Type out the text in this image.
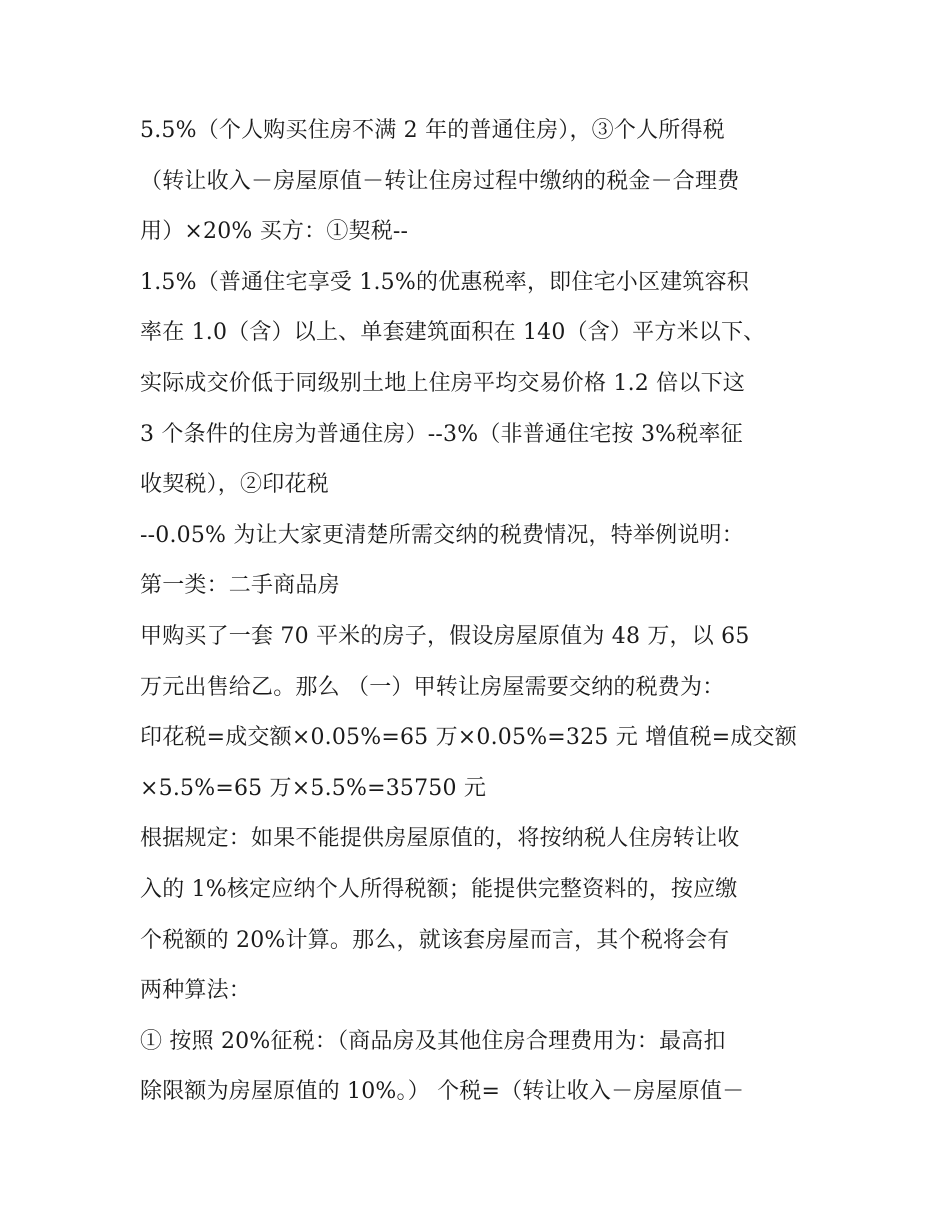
5.5%（个人购买住房不满 2 年的普通住房），③个人所得税
（转让收入－房屋原值－转让住房过程中缴纳的税金－合理费
用）×20% 买方：①契税--
1.5%（普通住宅享受 1.5%的优惠税率，即住宅小区建筑容积
率在 1.0（含）以上、单套建筑面积在 140（含）平方米以下、
实际成交价低于同级别土地上住房平均交易价格 1.2 倍以下这
3 个条件的住房为普通住房）--3%（非普通住宅按 3%税率征
收契税），②印花税
--0.05% 为让大家更清楚所需交纳的税费情况，特举例说明：
第一类：二手商品房
甲购买了一套 70 平米的房子，假设房屋原值为 48 万，以 65
万元出售给乙。那么 （一）甲转让房屋需要交纳的税费为：
印花税=成交额×0.05%=65 万×0.05%=325 元 增值税=成交额
×5.5%=65 万×5.5%=35750 元
根据规定：如果不能提供房屋原值的，将按纳税人住房转让收
入的 1%核定应纳个人所得税额；能提供完整资料的，按应缴
个税额的 20%计算。那么，就该套房屋而言，其个税将会有
两种算法：
① 按照 20%征税：（商品房及其他住房合理费用为：最高扣
除限额为房屋原值的 10%。） 个税=（转让收入－房屋原值－
